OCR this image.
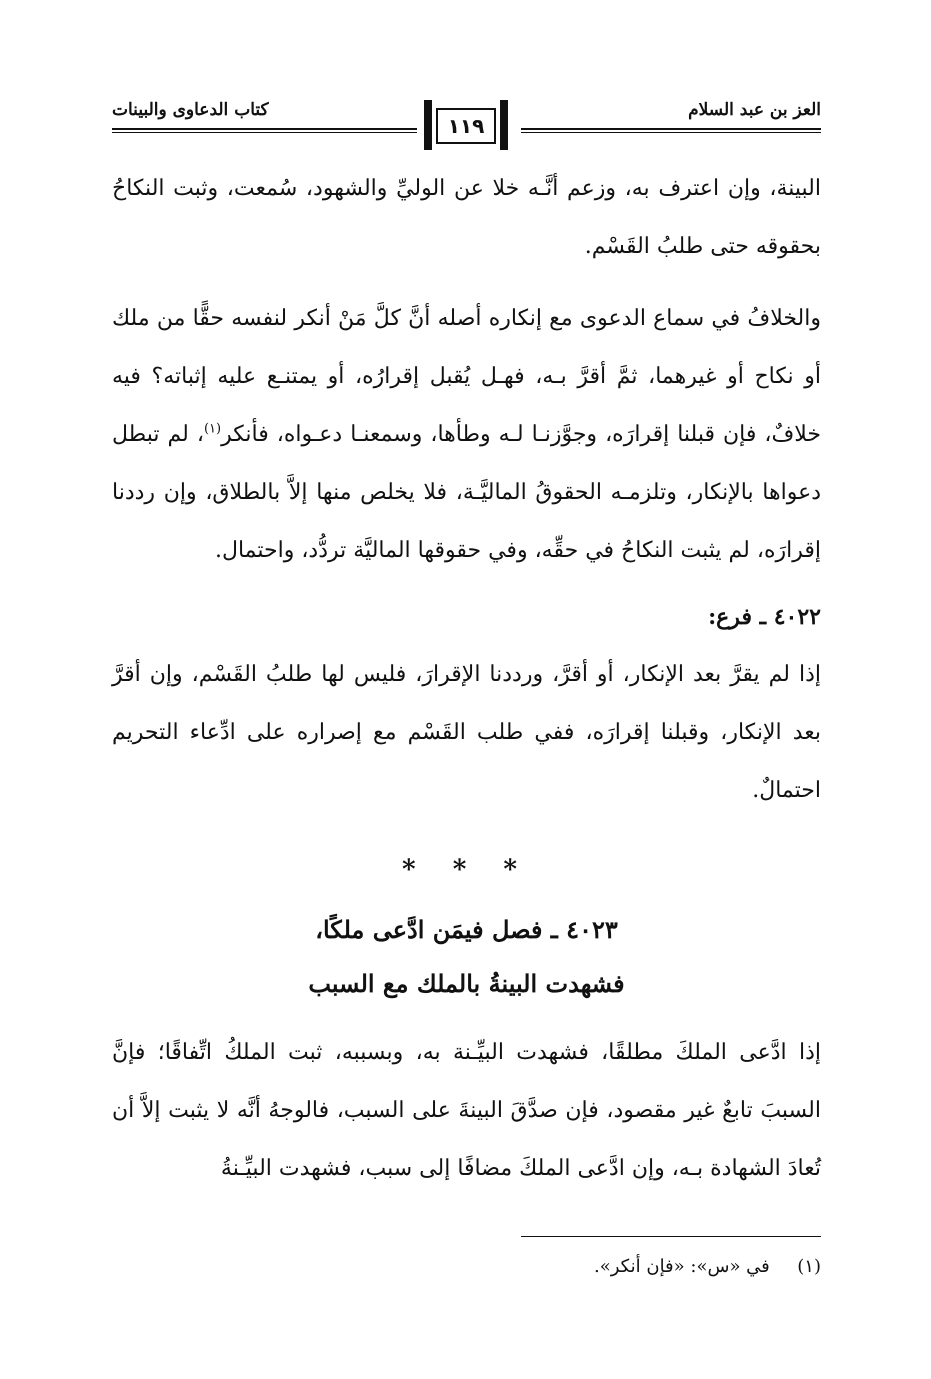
العز بن عبد السلام
كتاب الدعاوى والبينات
١١٩

البينة، وإن اعترف به، وزعم أنَّـه خلا عن الوليِّ والشهود، سُمعت، وثبت النكاحُ بحقوقه حتى طلبُ القَسْم.

والخلافُ في سماع الدعوى مع إنكاره أصله أنَّ كلَّ مَنْ أنكر لنفسه حقًّا من ملك أو نكاح أو غيرهما، ثمَّ أقرَّ بـه، فهـل يُقبل إقرارُه، أو يمتنـع عليه إثباته؟ فيه خلافٌ، فإن قبلنا إقرارَه، وجوَّزنـا لـه وطأها، وسمعنـا دعـواه، فأنكر$^{(١)}$، لم تبطل دعواها بالإنكار، وتلزمـه الحقوقُ الماليَّـة، فلا يخلص منها إلاَّ بالطلاق، وإن رددنا إقرارَه، لم يثبت النكاحُ في حقِّه، وفي حقوقها الماليَّة تردُّد، واحتمال.

٤٠٢٢ ـ فرع:

إذا لم يقرَّ بعد الإنكار، أو أقرَّ، ورددنا الإقرارَ، فليس لها طلبُ القَسْم، وإن أقرَّ بعد الإنكار، وقبلنا إقرارَه، ففي طلب القَسْم مع إصراره على ادِّعاء التحريم احتمالٌ.

* * *
٤٠٢٣ ـ فصل فيمَن ادَّعى ملكًا،
فشهدت البينةُ بالملك مع السبب

إذا ادَّعى الملكَ مطلقًا، فشهدت البيِّـنة به، وبسببه، ثبت الملكُ اتِّفاقًا؛ فإنَّ السببَ تابعٌ غير مقصود، فإن صدَّقَ البينةَ على السبب، فالوجهُ أنَّه لا يثبت إلاَّ أن تُعادَ الشهادة بـه، وإن ادَّعى الملكَ مضافًا إلى سبب، فشهدت البيِّـنةُ

(١)  في «س»: «فإن أنكر».
